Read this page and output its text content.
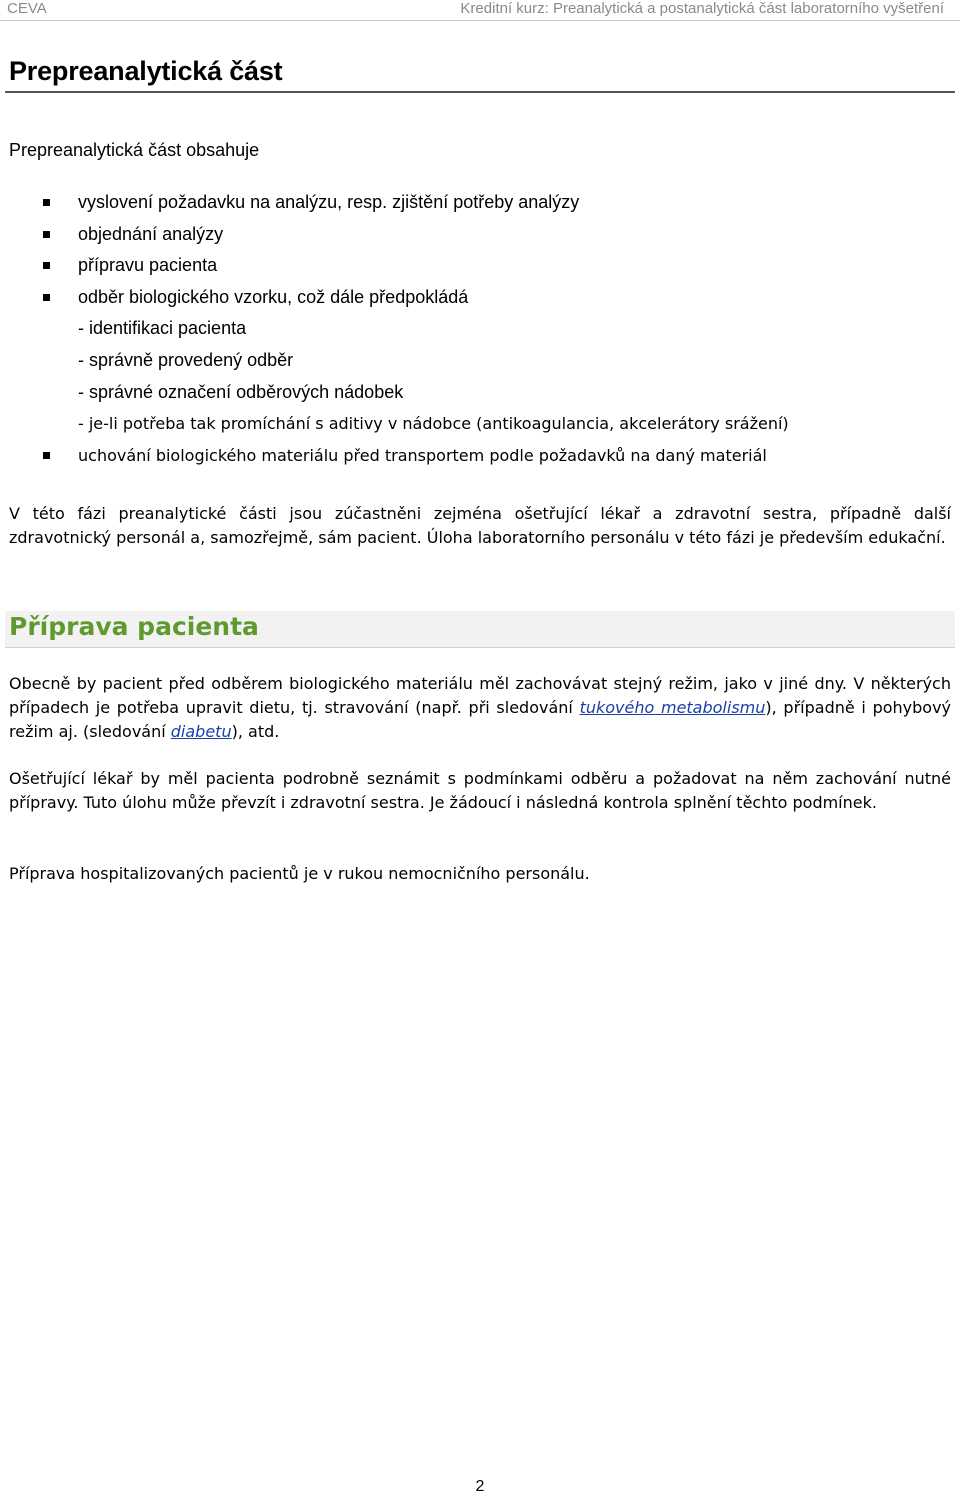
CEVA	Kreditní kurz: Preanalytická a postanalytická část laboratorního vyšetření
Prepreanalytická část
Prepreanalytická část obsahuje
vyslovení požadavku na analýzu, resp. zjištění potřeby analýzy
objednání analýzy
přípravu pacienta
odběr biologického vzorku, což dále předpokládá
- identifikaci pacienta
- správně provedený odběr
- správné označení odběrových nádobek
- je-li potřeba tak promíchání s aditivy v nádobce (antikoagulancia, akcelerátory srážení)
uchování biologického materiálu před transportem podle požadavků na daný materiál
V této fázi preanalytické části jsou zúčastněni zejména ošetřující lékař a zdravotní sestra, případně další zdravotnický personál a, samozřejmě, sám pacient. Úloha laboratorního personálu v této fázi je především edukační.
Příprava pacienta
Obecně by pacient před odběrem biologického materiálu měl zachovávat stejný režim, jako v jiné dny. V některých případech je potřeba upravit dietu, tj. stravování (např. při sledování tukového metabolismu), případně i pohybový režim aj. (sledování diabetu), atd.
Ošetřující lékař by měl pacienta podrobně seznámit s podmínkami odběru a požadovat na něm zachování nutné přípravy. Tuto úlohu může převzít i zdravotní sestra. Je žádoucí i následná kontrola splnění těchto podmínek.
Příprava hospitalizovaných pacientů je v rukou nemocničního personálu.
2
